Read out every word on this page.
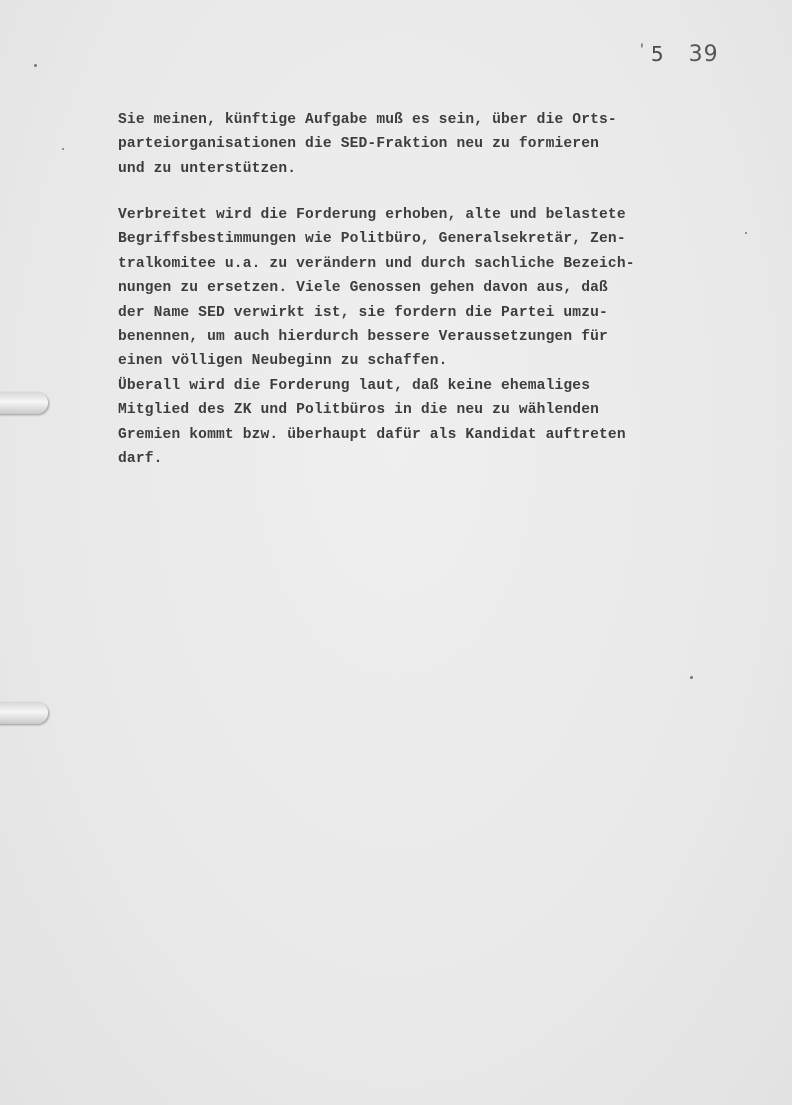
' 5 39
Sie meinen, künftige Aufgabe muß es sein, über die Orts-
parteiorganisationen die SED-Fraktion neu zu formieren
und zu unterstützen.
Verbreitet wird die Forderung erhoben, alte und belastete
Begriffsbestimmungen wie Politbüro, Generalsekretär, Zen-
tralkomitee u.a. zu verändern und durch sachliche Bezeich-
nungen zu ersetzen. Viele Genossen gehen davon aus, daß
der Name SED verwirkt ist, sie fordern die Partei umzu-
benennen, um auch hierdurch bessere Veraussetzungen für
einen völligen Neubeginn zu schaffen.
Überall wird die Forderung laut, daß keine ehemaliges
Mitglied des ZK und Politbüros in die neu zu wählenden
Gremien kommt bzw. überhaupt dafür als Kandidat auftreten
darf.
